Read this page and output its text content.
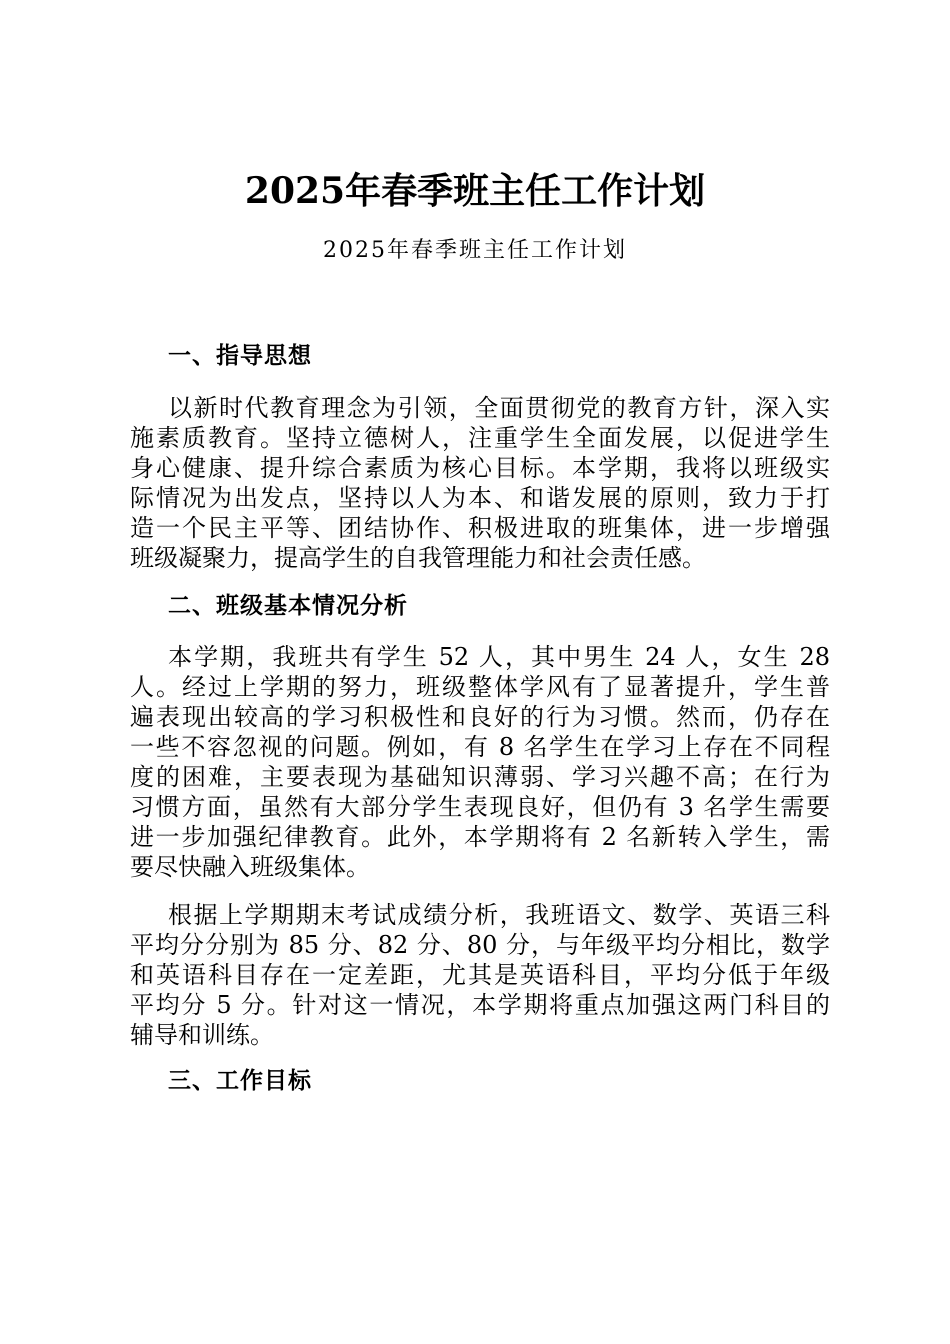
2025年春季班主任工作计划
2025年春季班主任工作计划
一、指导思想
以新时代教育理念为引领，全面贯彻党的教育方针，深入实
施素质教育。坚持立德树人，注重学生全面发展，以促进学生
身心健康、提升综合素质为核心目标。本学期，我将以班级实
际情况为出发点，坚持以人为本、和谐发展的原则，致力于打
造一个民主平等、团结协作、积极进取的班集体，进一步增强
班级凝聚力，提高学生的自我管理能力和社会责任感。
二、班级基本情况分析
本学期，我班共有学生 52 人，其中男生 24 人，女生 28
人。经过上学期的努力，班级整体学风有了显著提升，学生普
遍表现出较高的学习积极性和良好的行为习惯。然而，仍存在
一些不容忽视的问题。例如，有 8 名学生在学习上存在不同程
度的困难，主要表现为基础知识薄弱、学习兴趣不高；在行为
习惯方面，虽然有大部分学生表现良好，但仍有 3 名学生需要
进一步加强纪律教育。此外，本学期将有 2 名新转入学生，需
要尽快融入班级集体。
根据上学期期末考试成绩分析，我班语文、数学、英语三科
平均分分别为 85 分、82 分、80 分，与年级平均分相比，数学
和英语科目存在一定差距，尤其是英语科目，平均分低于年级
平均分 5 分。针对这一情况，本学期将重点加强这两门科目的
辅导和训练。
三、工作目标
